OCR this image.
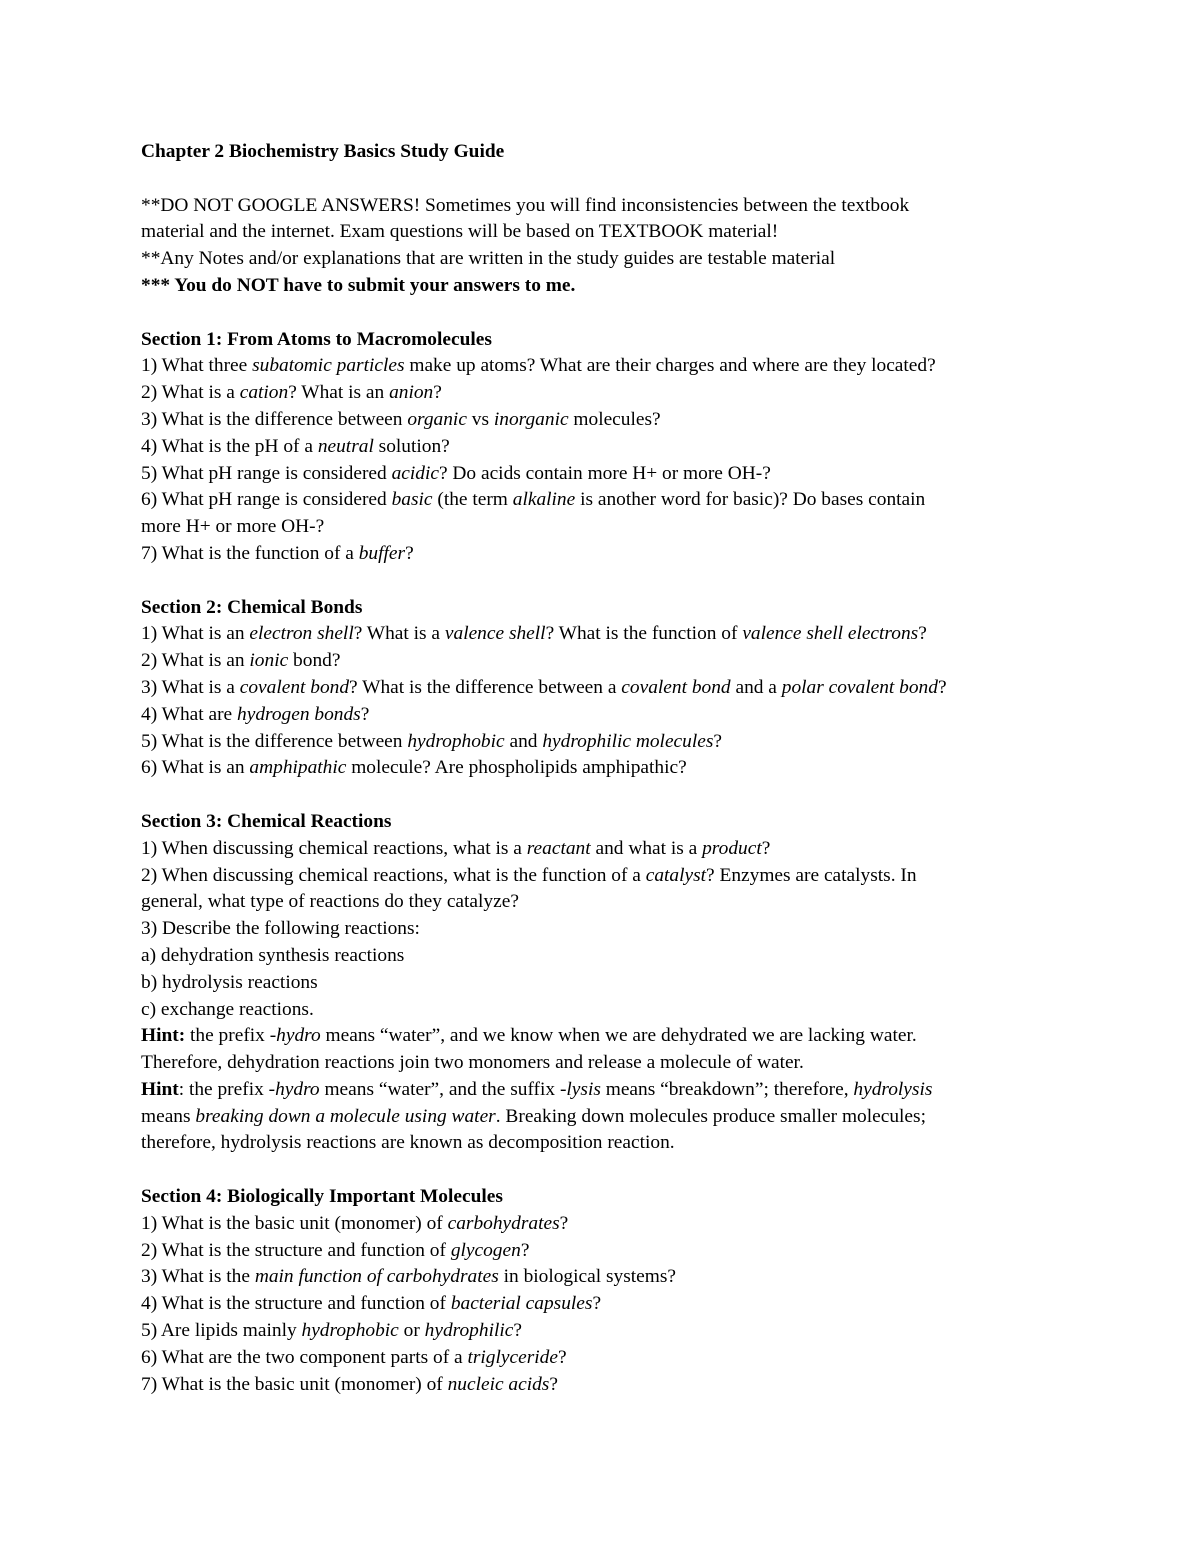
Chapter 2 Biochemistry Basics Study Guide
**DO NOT GOOGLE ANSWERS! Sometimes you will find inconsistencies between the textbook
material and the internet. Exam questions will be based on TEXTBOOK material!
**Any Notes and/or explanations that are written in the study guides are testable material
*** You do NOT have to submit your answers to me.
Section 1: From Atoms to Macromolecules
1) What three subatomic particles make up atoms? What are their charges and where are they located?
2) What is a cation? What is an anion?
3) What is the difference between organic vs inorganic molecules?
4) What is the pH of a neutral solution?
5) What pH range is considered acidic? Do acids contain more H+ or more OH-?
6) What pH range is considered basic (the term alkaline is another word for basic)? Do bases contain
more H+ or more OH-?
7) What is the function of a buffer?
Section 2: Chemical Bonds
1) What is an electron shell? What is a valence shell? What is the function of valence shell electrons?
2) What is an ionic bond?
3) What is a covalent bond? What is the difference between a covalent bond and a polar covalent bond?
4) What are hydrogen bonds?
5) What is the difference between hydrophobic and hydrophilic molecules?
6) What is an amphipathic molecule? Are phospholipids amphipathic?
Section 3: Chemical Reactions
1) When discussing chemical reactions, what is a reactant and what is a product?
2) When discussing chemical reactions, what is the function of a catalyst? Enzymes are catalysts. In
general, what type of reactions do they catalyze?
3) Describe the following reactions:
a) dehydration synthesis reactions
b) hydrolysis reactions
c) exchange reactions.
Hint: the prefix -hydro means “water”, and we know when we are dehydrated we are lacking water.
Therefore, dehydration reactions join two monomers and release a molecule of water.
Hint: the prefix -hydro means “water”, and the suffix -lysis means “breakdown”; therefore, hydrolysis
means breaking down a molecule using water. Breaking down molecules produce smaller molecules;
therefore, hydrolysis reactions are known as decomposition reaction.
Section 4: Biologically Important Molecules
1) What is the basic unit (monomer) of carbohydrates?
2) What is the structure and function of glycogen?
3) What is the main function of carbohydrates in biological systems?
4) What is the structure and function of bacterial capsules?
5) Are lipids mainly hydrophobic or hydrophilic?
6) What are the two component parts of a triglyceride?
7) What is the basic unit (monomer) of nucleic acids?
